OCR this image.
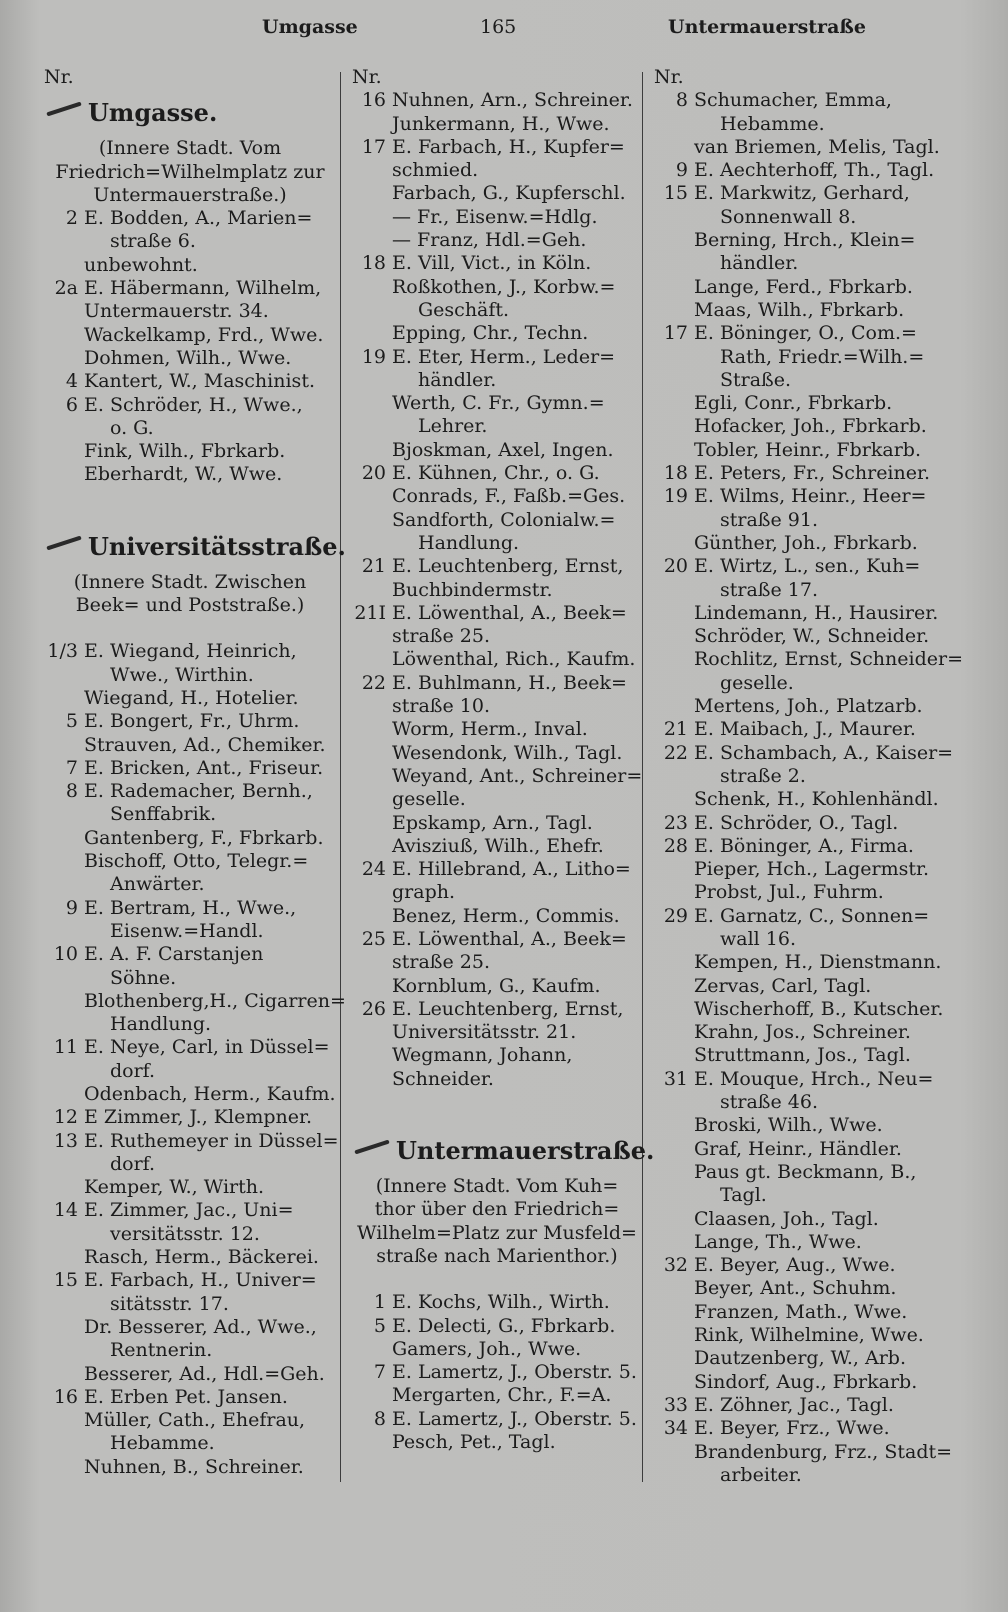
Umgasse	165	Untermauerstraße
Nr.
Umgasse.
(Innere Stadt. Vom
Friedrich=Wilhelmplatz zur
Untermauerstraße.)
2 E. Bodden, A., Marien=
straße 6.
unbewohnt.
2a E. Häbermann, Wilhelm,
Untermauerstr. 34.
Wackelkamp, Frd., Wwe.
Dohmen, Wilh., Wwe.
4 Kantert, W., Maschinist.
6 E. Schröder, H., Wwe.,
o. G.
Fink, Wilh., Fbrkarb.
Eberhardt, W., Wwe.
Universitätsstraße.
(Innere Stadt. Zwischen
Beek= und Poststraße.)
1/3 E. Wiegand, Heinrich,
Wwe., Wirthin.
Wiegand, H., Hotelier.
5 E. Bongert, Fr., Uhrm.
Strauven, Ad., Chemiker.
7 E. Bricken, Ant., Friseur.
8 E. Rademacher, Bernh.,
Senffabrik.
Gantenberg, F., Fbrkarb.
Bischoff, Otto, Telegr.=
Anwärter.
9 E. Bertram, H., Wwe.,
Eisenw.=Handl.
10 E. A. F. Carstanjen
Söhne.
Blothenberg,H., Cigarren=
Handlung.
11 E. Neye, Carl, in Düssel=
dorf.
Odenbach, Herm., Kaufm.
12 E Zimmer, J., Klempner.
13 E. Ruthemeyer in Düssel=
dorf.
Kemper, W., Wirth.
14 E. Zimmer, Jac., Uni=
versitätsstr. 12.
Rasch, Herm., Bäckerei.
15 E. Farbach, H., Univer=
sitätsstr. 17.
Dr. Besserer, Ad., Wwe.,
Rentnerin.
Besserer, Ad., Hdl.=Geh.
16 E. Erben Pet. Jansen.
Müller, Cath., Ehefrau,
Hebamme.
Nuhnen, B., Schreiner.
Nr.
16 Nuhnen, Arn., Schreiner.
Junkermann, H., Wwe.
17 E. Farbach, H., Kupfer=
schmied.
Farbach, G., Kupferschl.
— Fr., Eisenw.=Hdlg.
— Franz, Hdl.=Geh.
18 E. Vill, Vict., in Köln.
Roßkothen, J., Korbw.=
Geschäft.
Epping, Chr., Techn.
19 E. Eter, Herm., Leder=
händler.
Werth, C. Fr., Gymn.=
Lehrer.
Bjoskman, Axel, Ingen.
20 E. Kühnen, Chr., o. G.
Conrads, F., Faßb.=Ges.
Sandforth, Colonialw.=
Handlung.
21 E. Leuchtenberg, Ernst,
Buchbindermstr.
21I E. Löwenthal, A., Beek=
straße 25.
Löwenthal, Rich., Kaufm.
22 E. Buhlmann, H., Beek=
straße 10.
Worm, Herm., Inval.
Wesendonk, Wilh., Tagl.
Weyand, Ant., Schreiner=
geselle.
Epskamp, Arn., Tagl.
Avisziuß, Wilh., Ehefr.
24 E. Hillebrand, A., Litho=
graph.
Benez, Herm., Commis.
25 E. Löwenthal, A., Beek=
straße 25.
Kornblum, G., Kaufm.
26 E. Leuchtenberg, Ernst,
Universitätsstr. 21.
Wegmann, Johann,
Schneider.
Untermauerstraße.
(Innere Stadt. Vom Kuh=
thor über den Friedrich=
Wilhelm=Platz zur Musfeld=
straße nach Marienthor.)
1 E. Kochs, Wilh., Wirth.
5 E. Delecti, G., Fbrkarb.
Gamers, Joh., Wwe.
7 E. Lamertz, J., Oberstr. 5.
Mergarten, Chr., F.=A.
8 E. Lamertz, J., Oberstr. 5.
Pesch, Pet., Tagl.
Nr.
8 Schumacher, Emma,
Hebamme.
van Briemen, Melis, Tagl.
9 E. Aechterhoff, Th., Tagl.
15 E. Markwitz, Gerhard,
Sonnenwall 8.
Berning, Hrch., Klein=
händler.
Lange, Ferd., Fbrkarb.
Maas, Wilh., Fbrkarb.
17 E. Böninger, O., Com.=
Rath, Friedr.=Wilh.=
Straße.
Egli, Conr., Fbrkarb.
Hofacker, Joh., Fbrkarb.
Tobler, Heinr., Fbrkarb.
18 E. Peters, Fr., Schreiner.
19 E. Wilms, Heinr., Heer=
straße 91.
Günther, Joh., Fbrkarb.
20 E. Wirtz, L., sen., Kuh=
straße 17.
Lindemann, H., Hausirer.
Schröder, W., Schneider.
Rochlitz, Ernst, Schneider=
geselle.
Mertens, Joh., Platzarb.
21 E. Maibach, J., Maurer.
22 E. Schambach, A., Kaiser=
straße 2.
Schenk, H., Kohlenhändl.
23 E. Schröder, O., Tagl.
28 E. Böninger, A., Firma.
Pieper, Hch., Lagermstr.
Probst, Jul., Fuhrm.
29 E. Garnatz, C., Sonnen=
wall 16.
Kempen, H., Dienstmann.
Zervas, Carl, Tagl.
Wischerhoff, B., Kutscher.
Krahn, Jos., Schreiner.
Struttmann, Jos., Tagl.
31 E. Mouque, Hrch., Neu=
straße 46.
Broski, Wilh., Wwe.
Graf, Heinr., Händler.
Paus gt. Beckmann, B.,
Tagl.
Claasen, Joh., Tagl.
Lange, Th., Wwe.
32 E. Beyer, Aug., Wwe.
Beyer, Ant., Schuhm.
Franzen, Math., Wwe.
Rink, Wilhelmine, Wwe.
Dautzenberg, W., Arb.
Sindorf, Aug., Fbrkarb.
33 E. Zöhner, Jac., Tagl.
34 E. Beyer, Frz., Wwe.
Brandenburg, Frz., Stadt=
arbeiter.
